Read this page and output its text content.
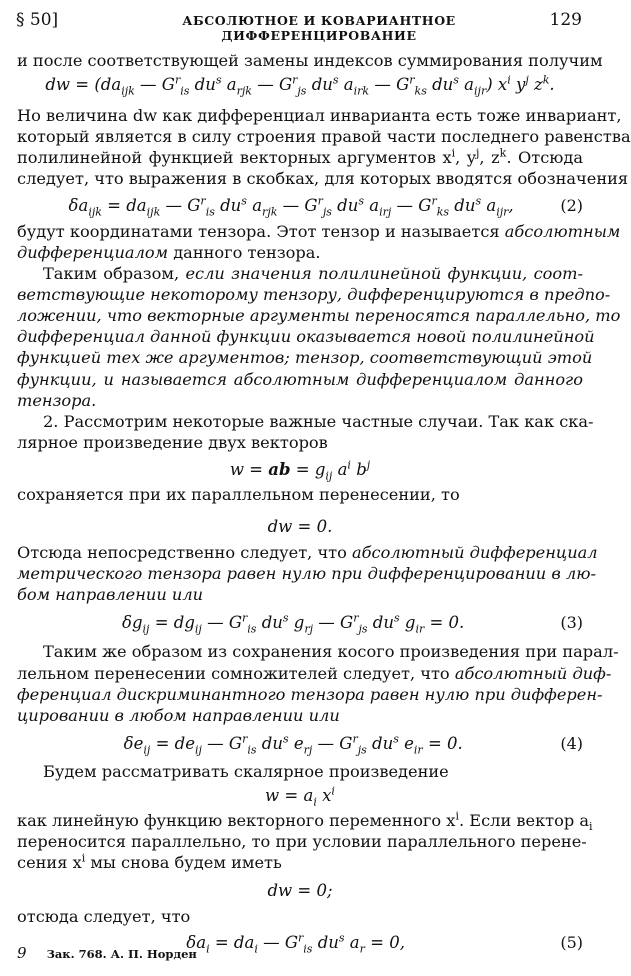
§ 50]	АБСОЛЮТНОЕ И КОВАРИАНТНОЕ ДИФФЕРЕНЦИРОВАНИЕ
129
и после соответствующей замены индексов суммирования получим
dw = ($da_{ijk}$ — $G^r_{is}$ $du^s$ $a_{rjk}$ — $G^r_{js}$ $du^s$ $a_{irk}$ — $G^r_{ks}$ $du^s$ $a_{ijr}$) $x^i$ $y^j$ $z^k$.
Но величина dw как дифференциал инварианта есть тоже инвариант,
который является в силу строения правой части последнего равенства
полилинейной функцией векторных аргументов $x^i$, $y^j$, $z^k$. Отсюда
следует, что выражения в скобках, для которых вводятся обозначения
$\delta a_{ijk} = da_{ijk}$ — $G^r_{is}$ $du^s$ $a_{rjk}$ — $G^r_{js}$ $du^s$ $a_{irj}$ — $G^r_{ks}$ $du^s$ $a_{ijr}$,	(2)
будут координатами тензора. Этот тензор и называется абсолютным
дифференциалом данного тензора.
Таким образом, если значения полилинейной функции, соот-
ветствующие некоторому тензору, дифференцируются в предпо-
ложении, что векторные аргументы переносятся параллельно, то
дифференциал данной функции оказывается новой полилинейной
функцией тех же аргументов; тензор, соответствующий этой
функции, и называется абсолютным дифференциалом данного
тензора.
2. Рассмотрим некоторые важные частные случаи. Так как ска-
лярное произведение двух векторов
w = ab = $g_{ij}$ $a^i$ $b^j$
сохраняется при их параллельном перенесении, то
dw = 0.
Отсюда непосредственно следует, что абсолютный дифференциал
метрического тензора равен нулю при дифференцировании в лю-
бом направлении или
$\delta g_{ij} = dg_{ij}$ — $G^r_{is}$ $du^s$ $g_{rj}$ — $G^r_{js}$ $du^s$ $g_{ir} = 0$.	(3)
Таким же образом из сохранения косого произведения при парал-
лельном перенесении сомножителей следует, что абсолютный диф-
ференциал дискриминантного тензора равен нулю при дифферен-
цировании в любом направлении или
$\delta e_{ij} = de_{ij}$ — $G^r_{is}$ $du^s$ $e_{rj}$ — $G^r_{js}$ $du^s$ $e_{ir} = 0$.	(4)
Будем рассматривать скалярное произведение
$w = a_i$ $x^i$
как линейную функцию векторного переменного $x^i$. Если вектор $a_i$
переносится параллельно, то при условии параллельного перене-
сения $x^i$ мы снова будем иметь
dw = 0;
отсюда следует, что
$\delta a_i = da_i$ — $G^r_{is}$ $du^s$ $a_r = 0$,	(5)
9 Зак. 768. А. П. Норден
